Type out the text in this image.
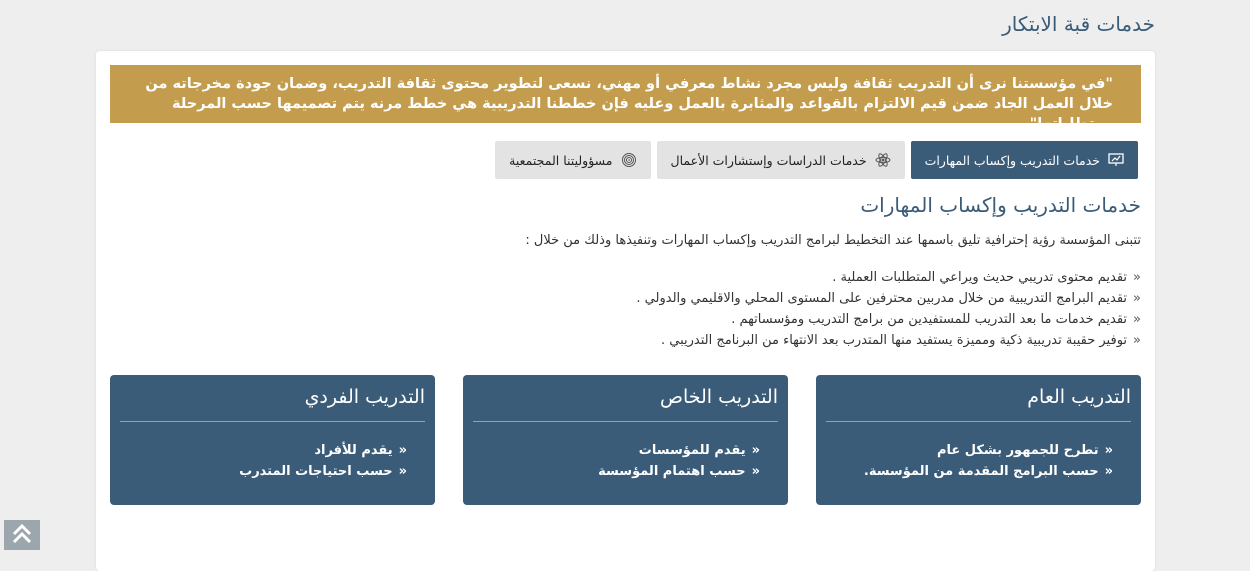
خدمات قبة الابتكار
"في مؤسستنا نرى أن التدريب ثقافة وليس مجرد نشاط معرفي أو مهني، نسعى لتطوير محتوى ثقافة التدريب، وضمان جودة مخرجاته من خلال العمل الجاد ضمن قيم الالتزام بالقواعد والمثابرة بالعمل وعليه فإن خططنا التدريبية هي خطط مرنه يتم تصميمها حسب المرحلة ومتطلباتها"
خدمات التدريب وإكساب المهارات
خدمات الدراسات وإستشارات الأعمال
مسؤوليتنا المجتمعية
خدمات التدريب وإكساب المهارات

تتبنى المؤسسة رؤية إحترافية تليق باسمها عند التخطيط لبرامج التدريب وإكساب المهارات وتنفيذها وذلك من خلال :

«
تقديم محتوى تدريبي حديث ويراعي المتطلبات العملية .
«
تقديم البرامج التدريبية من خلال مدربين محترفين على المستوى المحلي والاقليمي والدولي .
«
تقديم خدمات ما بعد التدريب للمستفيدين من برامج التدريب ومؤسساتهم .
«
توفير حقيبة تدريبية ذكية ومميزة يستفيد منها المتدرب بعد الانتهاء من البرنامج التدريبي .
التدريب العام
«
تطرح للجمهور بشكل عام
«
حسب البرامج المقدمة من المؤسسة.
التدريب الخاص
«
يقدم للمؤسسات
«
حسب اهتمام المؤسسة
التدريب الفردي
«
يقدم للأفراد
«
حسب احتياجات المتدرب
